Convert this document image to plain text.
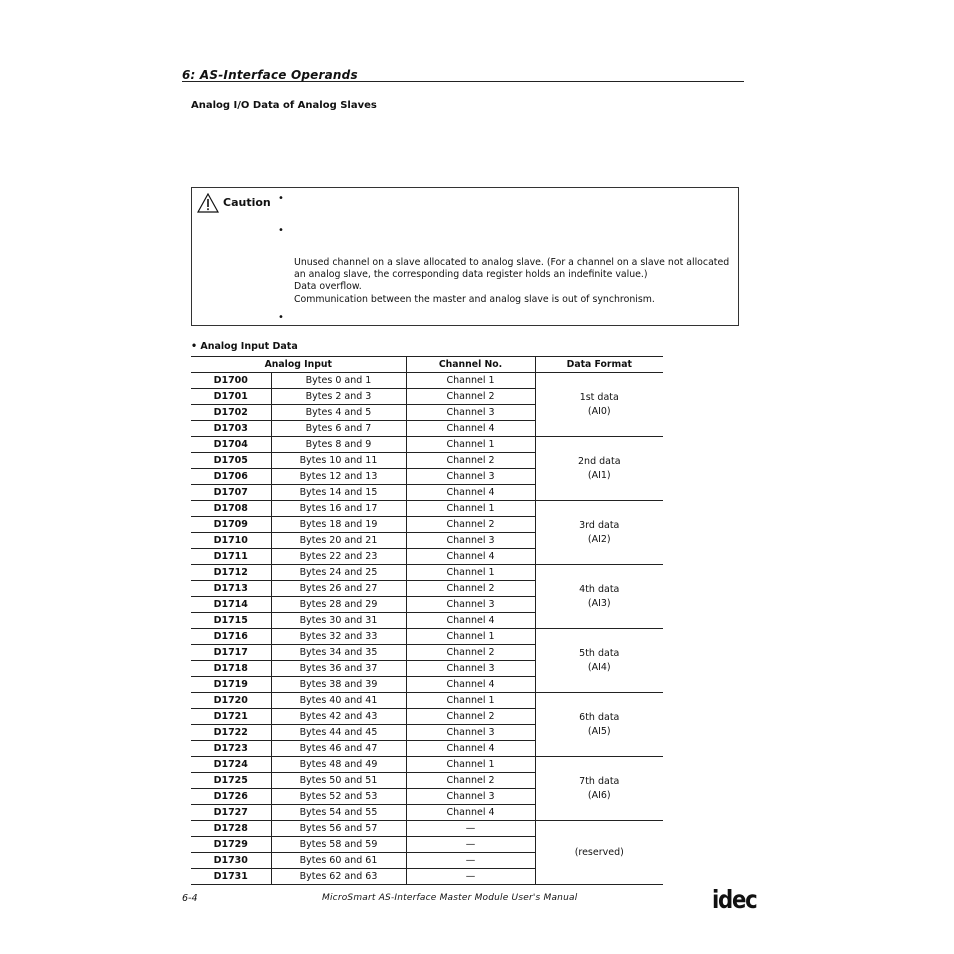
6: AS-Interface Operands
Analog I/O Data of Analog Slaves
Caution •
•
•
Unused channel on a slave allocated to analog slave. (For a channel on a slave not allocated an analog slave, the corresponding data register holds an indefinite value.)
Data overflow.
Communication between the master and analog slave is out of synchronism.
• Analog Input Data
Analog Input		Channel No.	Data Format
D1700	Bytes 0 and 1	Channel 1	1st data
(AI0)

D1701	Bytes 2 and 3	Channel 2	
D1702	Bytes 4 and 5	Channel 3	
D1703	Bytes 6 and 7	Channel 4	
D1704	Bytes 8 and 9	Channel 1	2nd data
(AI1)

D1705	Bytes 10 and 11	Channel 2	
D1706	Bytes 12 and 13	Channel 3	
D1707	Bytes 14 and 15	Channel 4	
D1708	Bytes 16 and 17	Channel 1	3rd data
(AI2)

D1709	Bytes 18 and 19	Channel 2	
D1710	Bytes 20 and 21	Channel 3	
D1711	Bytes 22 and 23	Channel 4	
D1712	Bytes 24 and 25	Channel 1	4th data
(AI3)

D1713	Bytes 26 and 27	Channel 2	
D1714	Bytes 28 and 29	Channel 3	
D1715	Bytes 30 and 31	Channel 4	
D1716	Bytes 32 and 33	Channel 1	5th data
(AI4)

D1717	Bytes 34 and 35	Channel 2	
D1718	Bytes 36 and 37	Channel 3	
D1719	Bytes 38 and 39	Channel 4	
D1720	Bytes 40 and 41	Channel 1	6th data
(AI5)

D1721	Bytes 42 and 43	Channel 2	
D1722	Bytes 44 and 45	Channel 3	
D1723	Bytes 46 and 47	Channel 4	
D1724	Bytes 48 and 49	Channel 1	7th data
(AI6)

D1725	Bytes 50 and 51	Channel 2	
D1726	Bytes 52 and 53	Channel 3	
D1727	Bytes 54 and 55	Channel 4	
D1728	Bytes 56 and 57	—	(reserved)

D1729	Bytes 58 and 59	—	
D1730	Bytes 60 and 61	—	
D1731	Bytes 62 and 63	—	
6-4	MicroSmart AS-Interface Master Module User's Manual	idec
